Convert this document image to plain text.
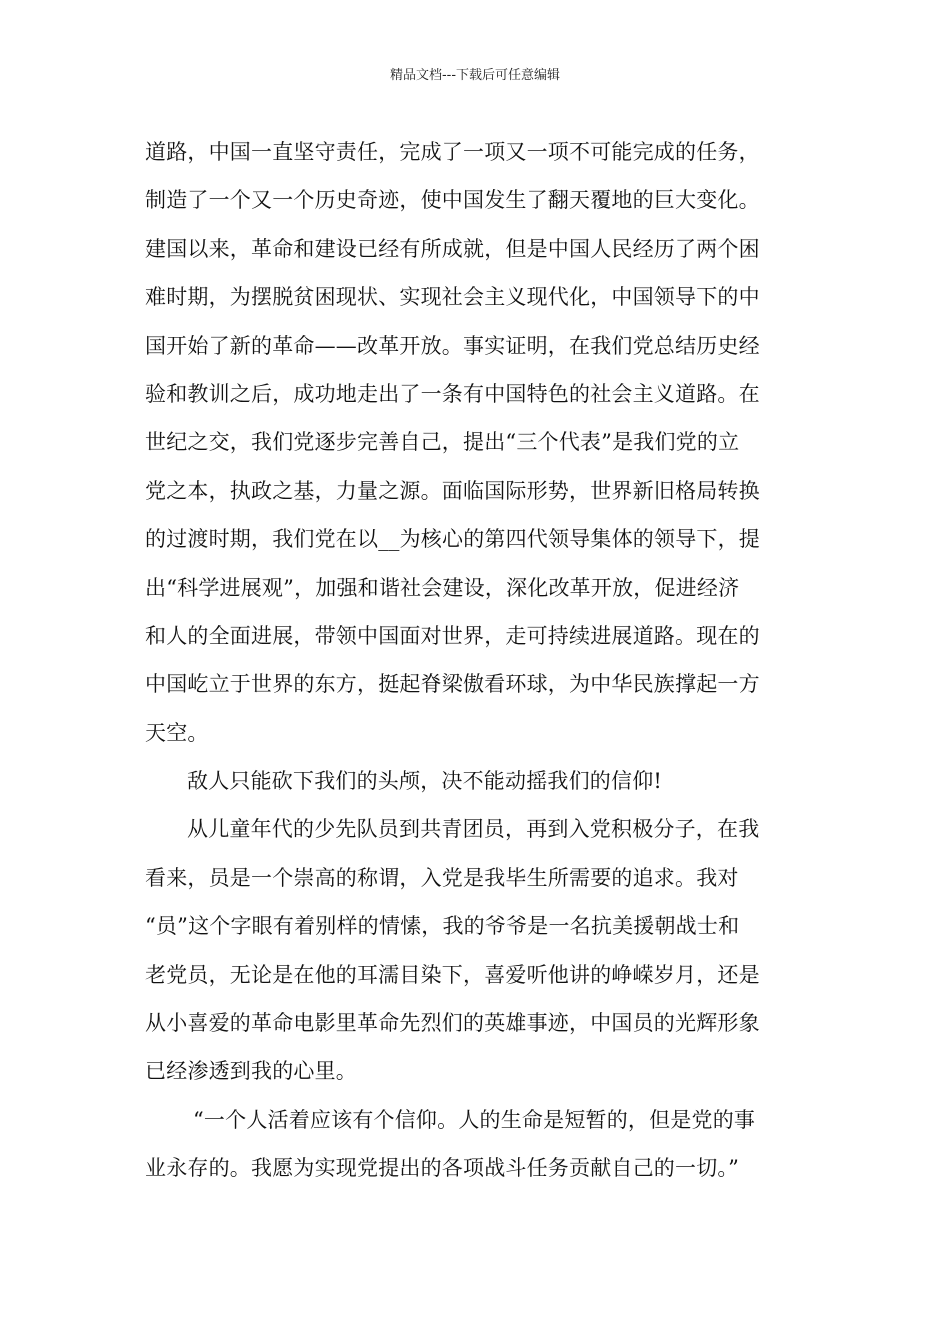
精品文档---下载后可任意编辑
道路，中国一直坚守责任，完成了一项又一项不可能完成的任务，
制造了一个又一个历史奇迹，使中国发生了翻天覆地的巨大变化。
建国以来，革命和建设已经有所成就，但是中国人民经历了两个困
难时期，为摆脱贫困现状、实现社会主义现代化，中国领导下的中
国开始了新的革命——改革开放。事实证明，在我们党总结历史经
验和教训之后，成功地走出了一条有中国特色的社会主义道路。在
世纪之交，我们党逐步完善自己，提出“三个代表”是我们党的立
党之本，执政之基，力量之源。面临国际形势，世界新旧格局转换
的过渡时期，我们党在以__为核心的第四代领导集体的领导下，提
出“科学进展观”，加强和谐社会建设，深化改革开放，促进经济
和人的全面进展，带领中国面对世界，走可持续进展道路。现在的
中国屹立于世界的东方，挺起脊梁傲看环球，为中华民族撑起一方
天空。
敌人只能砍下我们的头颅，决不能动摇我们的信仰!
从儿童年代的少先队员到共青团员，再到入党积极分子，在我
看来，员是一个崇高的称谓，入党是我毕生所需要的追求。我对
“员”这个字眼有着别样的情愫，我的爷爷是一名抗美援朝战士和
老党员，无论是在他的耳濡目染下，喜爱听他讲的峥嵘岁月，还是
从小喜爱的革命电影里革命先烈们的英雄事迹，中国员的光辉形象
已经渗透到我的心里。
“一个人活着应该有个信仰。人的生命是短暂的，但是党的事
业永存的。我愿为实现党提出的各项战斗任务贡献自己的一切。”
